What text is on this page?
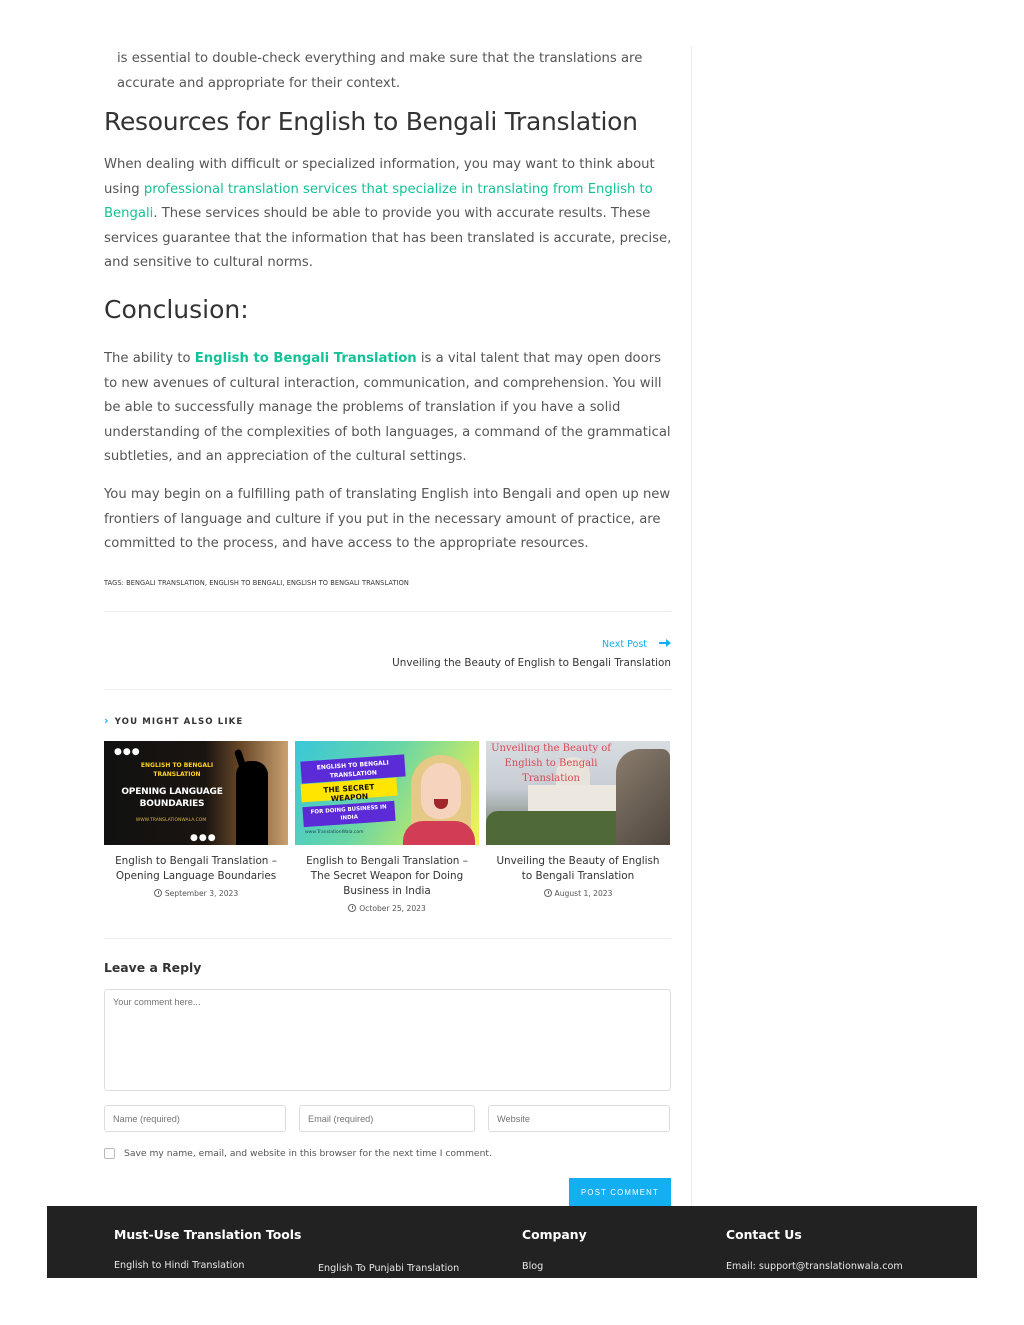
is essential to double-check everything and make sure that the translations are accurate and appropriate for their context.

Resources for English to Bengali Translation

When dealing with difficult or specialized information, you may want to think about using professional translation services that specialize in translating from English to Bengali. These services should be able to provide you with accurate results. These services guarantee that the information that has been translated is accurate, precise, and sensitive to cultural norms.

Conclusion:

The ability to English to Bengali Translation is a vital talent that may open doors to new avenues of cultural interaction, communication, and comprehension. You will be able to successfully manage the problems of translation if you have a solid understanding of the complexities of both languages, a command of the grammatical subtleties, and an appreciation of the cultural settings.

You may begin on a fulfilling path of translating English into Bengali and open up new frontiers of language and culture if you put in the necessary amount of practice, are committed to the process, and have access to the appropriate resources.

TAGS: BENGALI TRANSLATION, ENGLISH TO BENGALI, ENGLISH TO BENGALI TRANSLATION
Next Post
Unveiling the Beauty of English to Bengali Translation
› YOU MIGHT ALSO LIKE
●●●
ENGLISH TO BENGALI TRANSLATION
OPENING LANGUAGE BOUNDARIES
WWW.TRANSLATIONWALA.COM
●●●
English to Bengali Translation – Opening Language Boundaries
September 3, 2023
ENGLISH TO BENGALI TRANSLATION
THE SECRET WEAPON
FOR DOING BUSINESS IN INDIA
www.TranslationWala.com
English to Bengali Translation – The Secret Weapon for Doing Business in India
October 25, 2023
Unveiling the Beauty of English to Bengali Translation
Unveiling the Beauty of English to Bengali Translation
August 1, 2023
Leave a Reply
Your comment here...
Name (required)
Email (required)
Website
Save my name, email, and website in this browser for the next time I comment.
POST COMMENT
Must-Use Translation Tools
English to Hindi Translation	English To Punjabi Translation
Company
Blog
Contact Us
Email: support@translationwala.com
